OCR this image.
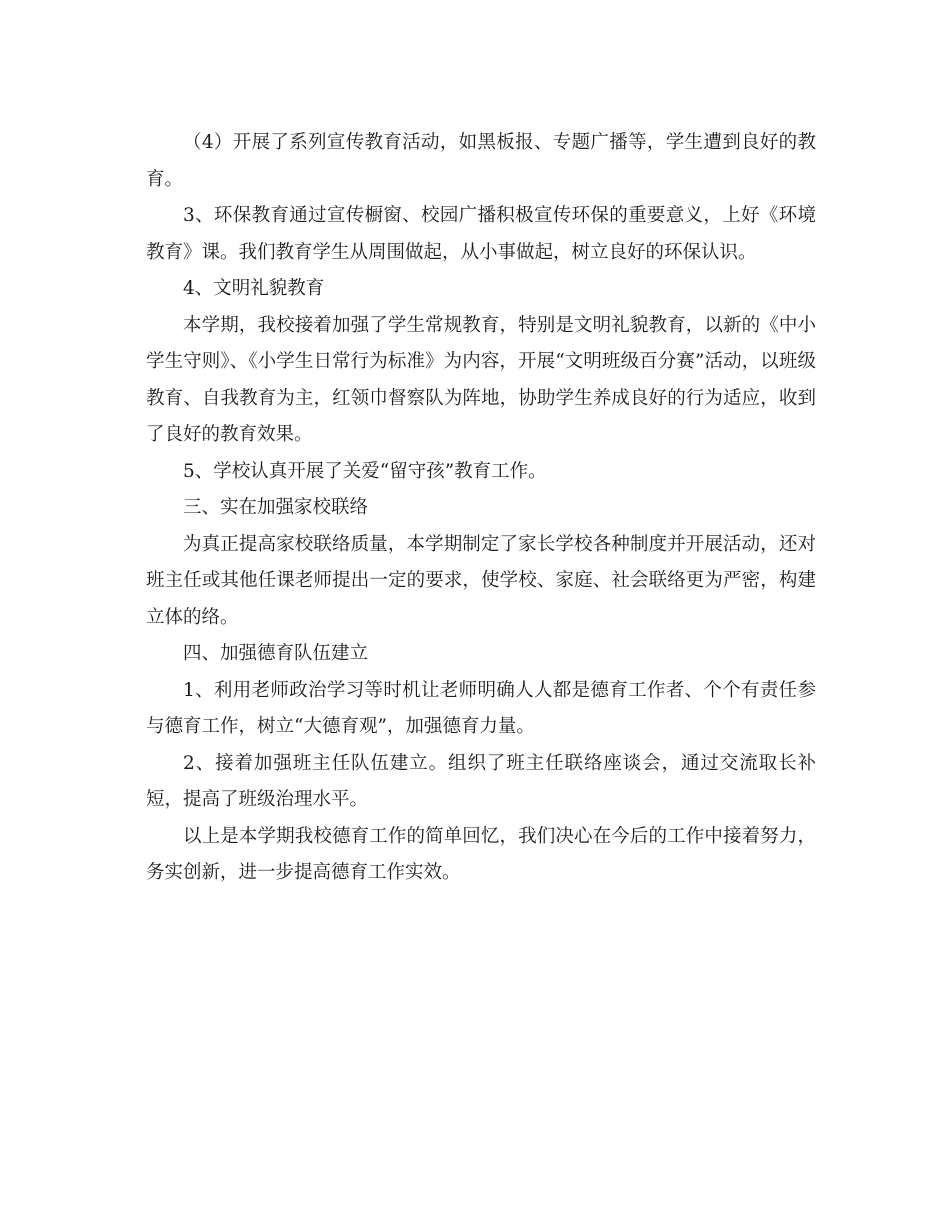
（4）开展了系列宣传教育活动，如黑板报、专题广播等，学生遭到良好的教育。

3、环保教育通过宣传橱窗、校园广播积极宣传环保的重要意义，上好《环境教育》课。我们教育学生从周围做起，从小事做起，树立良好的环保认识。

4、文明礼貌教育

本学期，我校接着加强了学生常规教育，特别是文明礼貌教育，以新的《中小学生守则》、《小学生日常行为标准》为内容，开展“文明班级百分赛”活动，以班级教育、自我教育为主，红领巾督察队为阵地，协助学生养成良好的行为适应，收到了良好的教育效果。

5、学校认真开展了关爱“留守孩”教育工作。

三、实在加强家校联络

为真正提高家校联络质量，本学期制定了家长学校各种制度并开展活动，还对班主任或其他任课老师提出一定的要求，使学校、家庭、社会联络更为严密，构建立体的络。

四、加强德育队伍建立

1、利用老师政治学习等时机让老师明确人人都是德育工作者、个个有责任参与德育工作，树立“大德育观”，加强德育力量。

2、接着加强班主任队伍建立。组织了班主任联络座谈会，通过交流取长补短，提高了班级治理水平。

以上是本学期我校德育工作的简单回忆，我们决心在今后的工作中接着努力，务实创新，进一步提高德育工作实效。
